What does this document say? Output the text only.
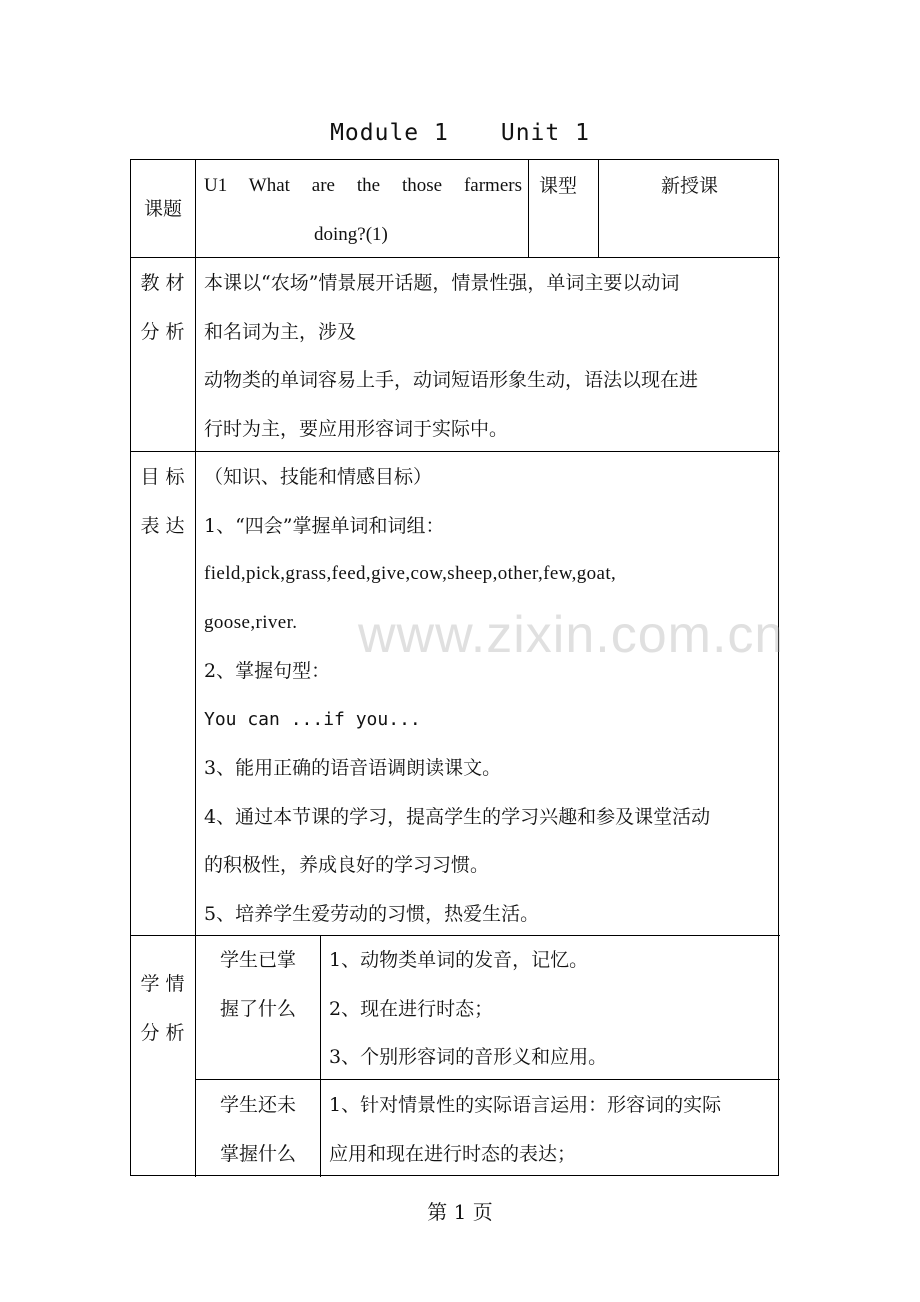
Module 1 Unit 1
课题
U1 What are the those farmers
doing?(1)
课型	新授课
教材
分析
本课以“农场”情景展开话题，情景性强，单词主要以动词
和名词为主，涉及
动物类的单词容易上手，动词短语形象生动，语法以现在进
行时为主，要应用形容词于实际中。
目标
表达
（知识、技能和情感目标）
1、“四会”掌握单词和词组：
field,pick,grass,feed,give,cow,sheep,other,few,goat,
goose,river.
2、掌握句型：
You can ...if you...
3、能用正确的语音语调朗读课文。
4、通过本节课的学习，提高学生的学习兴趣和参及课堂活动
的积极性，养成良好的学习习惯。
5、培养学生爱劳动的习惯，热爱生活。
学情
分析
学生已掌
握了什么
1、动物类单词的发音，记忆。
2、现在进行时态；
3、个别形容词的音形义和应用。
学生还未
掌握什么
1、针对情景性的实际语言运用：形容词的实际
应用和现在进行时态的表达；
www.zixin.com.cn
第 1 页
